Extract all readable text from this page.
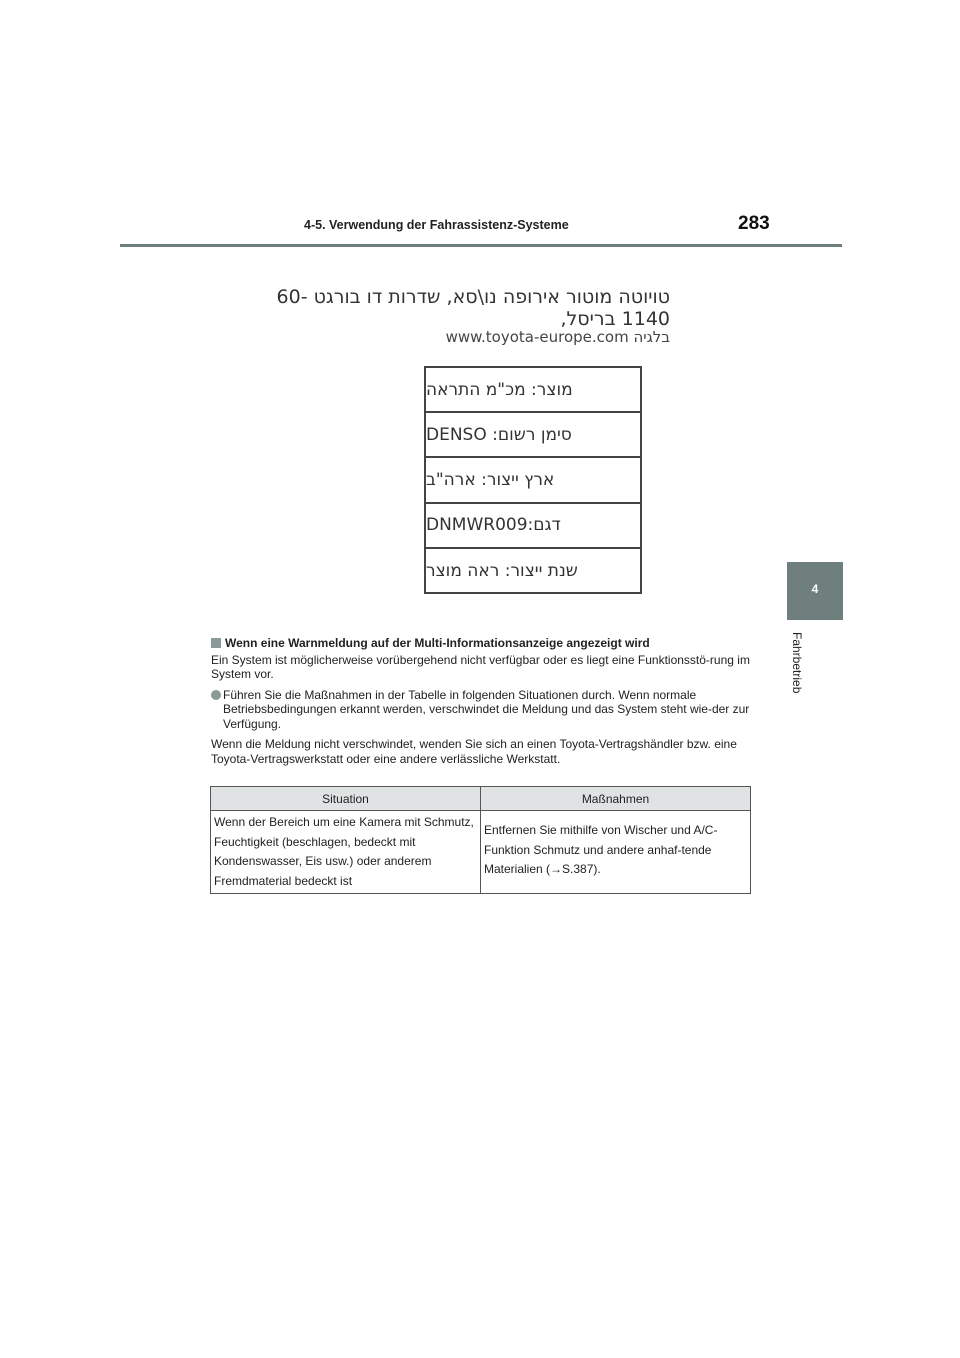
4-5. Verwendung der Fahrassistenz-Systeme	283
4
Fahrbetrieb
טויוטה מוטור אירופה נו\סא, שדרות דו בורגט 60-1140 בריסל,
בלגיה www.toyota-europe.com
מוצר: מכ"מ התראה
סימן רשום: DENSO
ארץ ייצור: ארה"ב
דגם:DNMWR009
שנת ייצור: ראה מוצר
Wenn eine Warnmeldung auf der Multi-Informationsanzeige angezeigt wird
Ein System ist möglicherweise vorübergehend nicht verfügbar oder es liegt eine Funktionsstö-rung im System vor.
Führen Sie die Maßnahmen in der Tabelle in folgenden Situationen durch. Wenn normale Betriebsbedingungen erkannt werden, verschwindet die Meldung und das System steht wie-der zur Verfügung.
Wenn die Meldung nicht verschwindet, wenden Sie sich an einen Toyota-Vertragshändler bzw. eine Toyota-Vertragswerkstatt oder eine andere verlässliche Werkstatt.
Situation	Maßnahmen
Wenn der Bereich um eine Kamera mit Schmutz, Feuchtigkeit (beschlagen, bedeckt mit Kondenswasser, Eis usw.) oder anderem Fremdmaterial bedeckt ist	Entfernen Sie mithilfe von Wischer und A/C-Funktion Schmutz und andere anhaf-tende Materialien (→S.387).
